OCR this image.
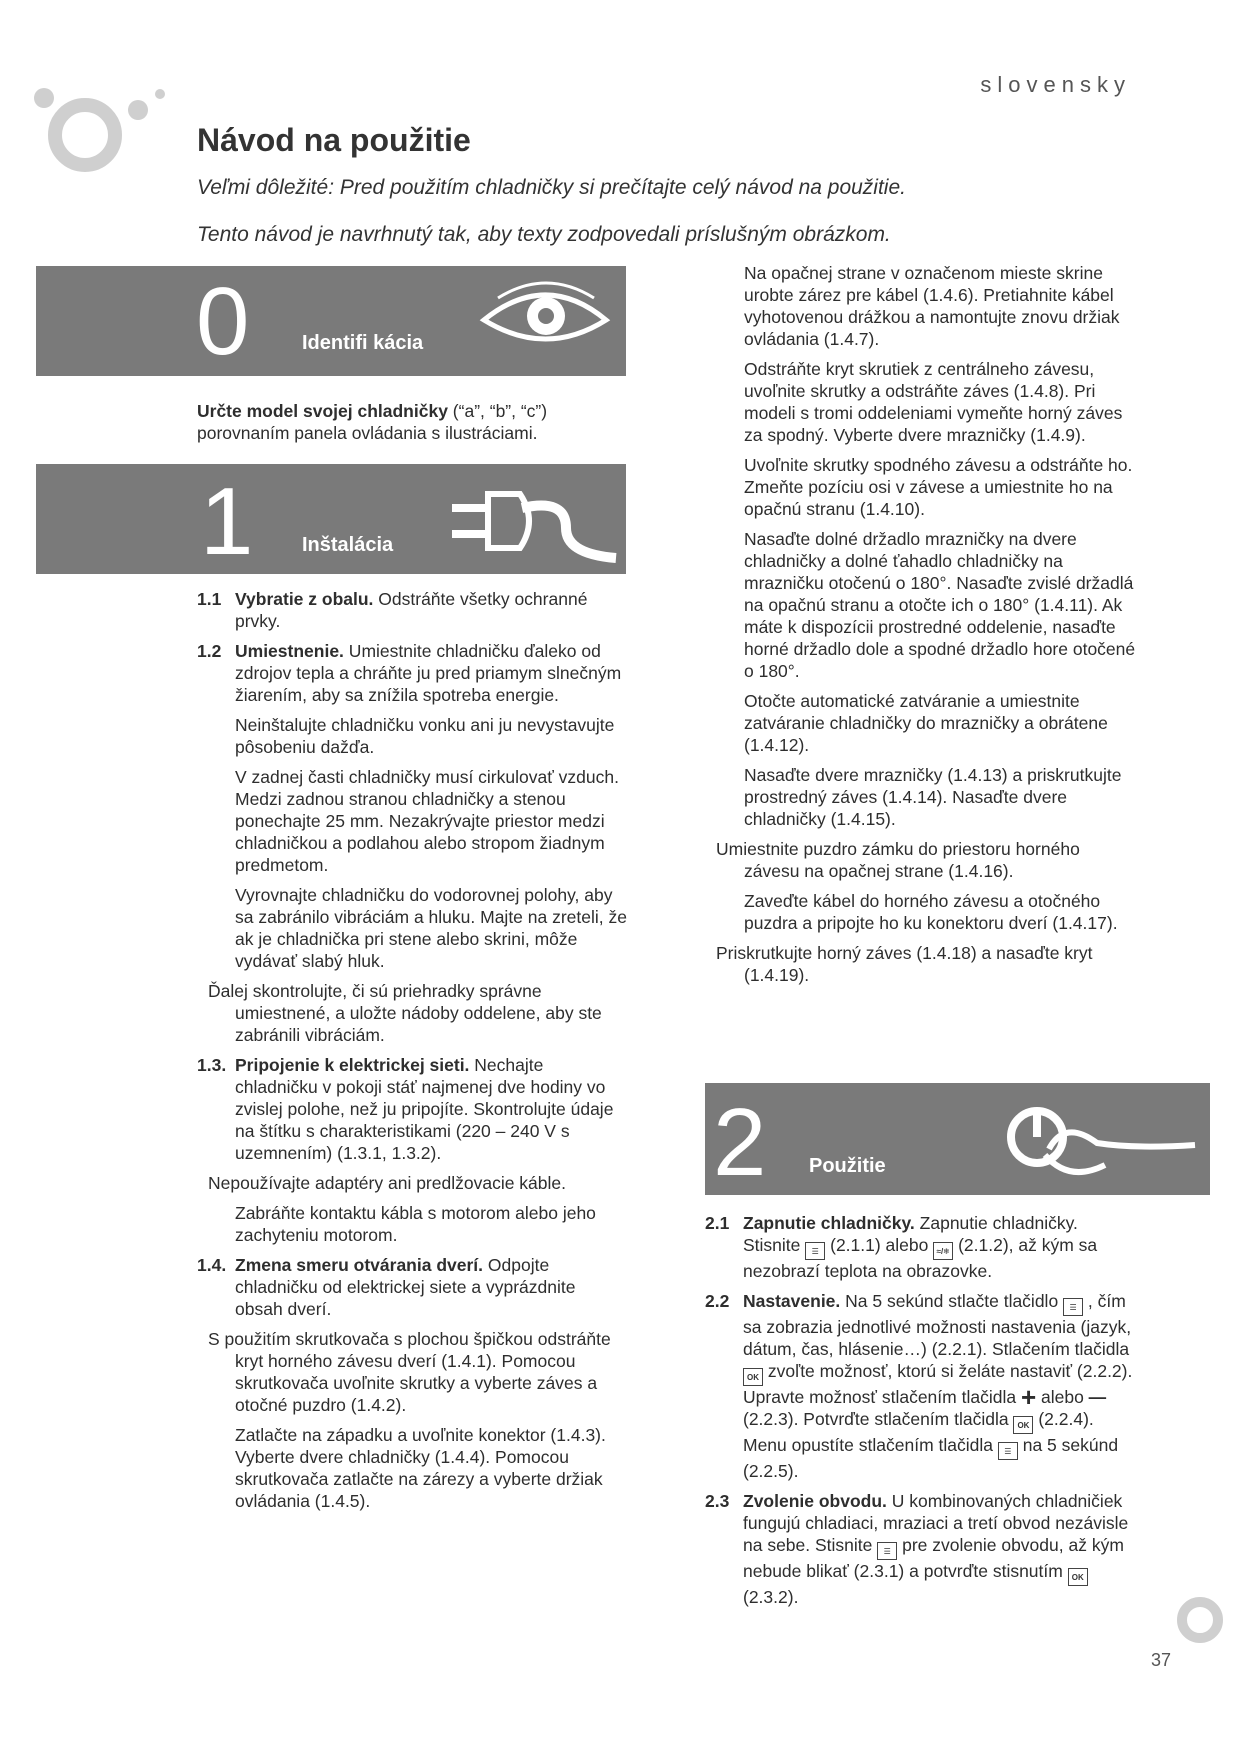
slovensky
Návod na použitie
Veľmi dôležité: Pred použitím chladničky si prečítajte celý návod na použitie.
Tento návod je navrhnutý tak, aby texty zodpovedali príslušným obrázkom.
0	Identifi kácia

Určte model svojej chladničky (“a”, “b”, “c”) porovnaním panela ovládania s ilustráciami.

1 Inštalácia
1.1 Vybratie z obalu. Odstráňte všetky ochranné prvky.
1.2 Umiestnenie. Umiestnite chladničku ďaleko od zdrojov tepla a chráňte ju pred priamym slnečným žiarením, aby sa znížila spotreba energie.
Neinštalujte chladničku vonku ani ju nevystavujte pôsobeniu dažďa.
V zadnej časti chladničky musí cirkulovať vzduch. Medzi zadnou stranou chladničky a stenou ponechajte 25 mm. Nezakrývajte priestor medzi chladničkou a podlahou alebo stropom žiadnym predmetom.
Vyrovnajte chladničku do vodorovnej polohy, aby sa zabránilo vibráciám a hluku. Majte na zreteli, že ak je chladnička pri stene alebo skrini, môže vydávať slabý hluk.
Ďalej skontrolujte, či sú priehradky správne umiestnené, a uložte nádoby oddelene, aby ste zabránili vibráciám.
1.3. Pripojenie k elektrickej sieti. Nechajte chladničku v pokoji stáť najmenej dve hodiny vo zvislej polohe, než ju pripojíte. Skontrolujte údaje na štítku s charakteristikami (220 – 240 V s uzemnením) (1.3.1, 1.3.2).
Nepoužívajte adaptéry ani predlžovacie káble.
Zabráňte kontaktu kábla s motorom alebo jeho zachyteniu motorom.
1.4. Zmena smeru otvárania dverí. Odpojte chladničku od elektrickej siete a vyprázdnite obsah dverí.
S použitím skrutkovača s plochou špičkou odstráňte kryt horného závesu dverí (1.4.1). Pomocou skrutkovača uvoľnite skrutky a vyberte záves a otočné puzdro (1.4.2).
Zatlačte na západku a uvoľnite konektor (1.4.3). Vyberte dvere chladničky (1.4.4). Pomocou skrutkovača zatlačte na zárezy a vyberte držiak ovládania (1.4.5).
Na opačnej strane v označenom mieste skrine urobte zárez pre kábel (1.4.6). Pretiahnite kábel vyhotovenou drážkou a namontujte znovu držiak ovládania (1.4.7).
Odstráňte kryt skrutiek z centrálneho závesu, uvoľnite skrutky a odstráňte záves (1.4.8). Pri modeli s tromi oddeleniami vymeňte horný záves za spodný. Vyberte dvere mrazničky (1.4.9).
Uvoľnite skrutky spodného závesu a odstráňte ho. Zmeňte pozíciu osi v závese a umiestnite ho na opačnú stranu (1.4.10).
Nasaďte dolné držadlo mrazničky na dvere chladničky a dolné ťahadlo chladničky na mrazničku otočenú o 180°. Nasaďte zvislé držadlá na opačnú stranu a otočte ich o 180° (1.4.11). Ak máte k dispozícii prostredné oddelenie, nasaďte horné držadlo dole a spodné držadlo hore otočené o 180°.
Otočte automatické zatváranie a umiestnite zatváranie chladničky do mrazničky a obrátene (1.4.12).
Nasaďte dvere mrazničky (1.4.13) a priskrutkujte prostredný záves (1.4.14). Nasaďte dvere chladničky (1.4.15).
Umiestnite puzdro zámku do priestoru horného závesu na opačnej strane (1.4.16).
Zaveďte kábel do horného závesu a otočného puzdra a pripojte ho ku konektoru dverí (1.4.17).
Priskrutkujte horný záves (1.4.18) a nasaďte kryt (1.4.19).
2 Použitie
2.1 Zapnutie chladničky. Zapnutie chladničky. Stisnite ☰ (2.1.1) alebo ≈/❄ (2.1.2), až kým sa nezobrazí teplota na obrazovke.
2.2 Nastavenie. Na 5 sekúnd stlačte tlačidlo ☰ , čím sa zobrazia jednotlivé možnosti nastavenia (jazyk, dátum, čas, hlásenie…) (2.2.1). Stlačením tlačidla OK zvoľte možnosť, ktorú si želáte nastaviť (2.2.2). Upravte možnosť stlačením tlačidla + alebo — (2.2.3). Potvrďte stlačením tlačidla OK (2.2.4). Menu opustíte stlačením tlačidla ☰ na 5 sekúnd (2.2.5).
2.3 Zvolenie obvodu. U kombinovaných chladničiek fungujú chladiaci, mraziaci a tretí obvod nezávisle na sebe. Stisnite ☰ pre zvolenie obvodu, až kým nebude blikať (2.3.1) a potvrďte stisnutím OK (2.3.2).
37
